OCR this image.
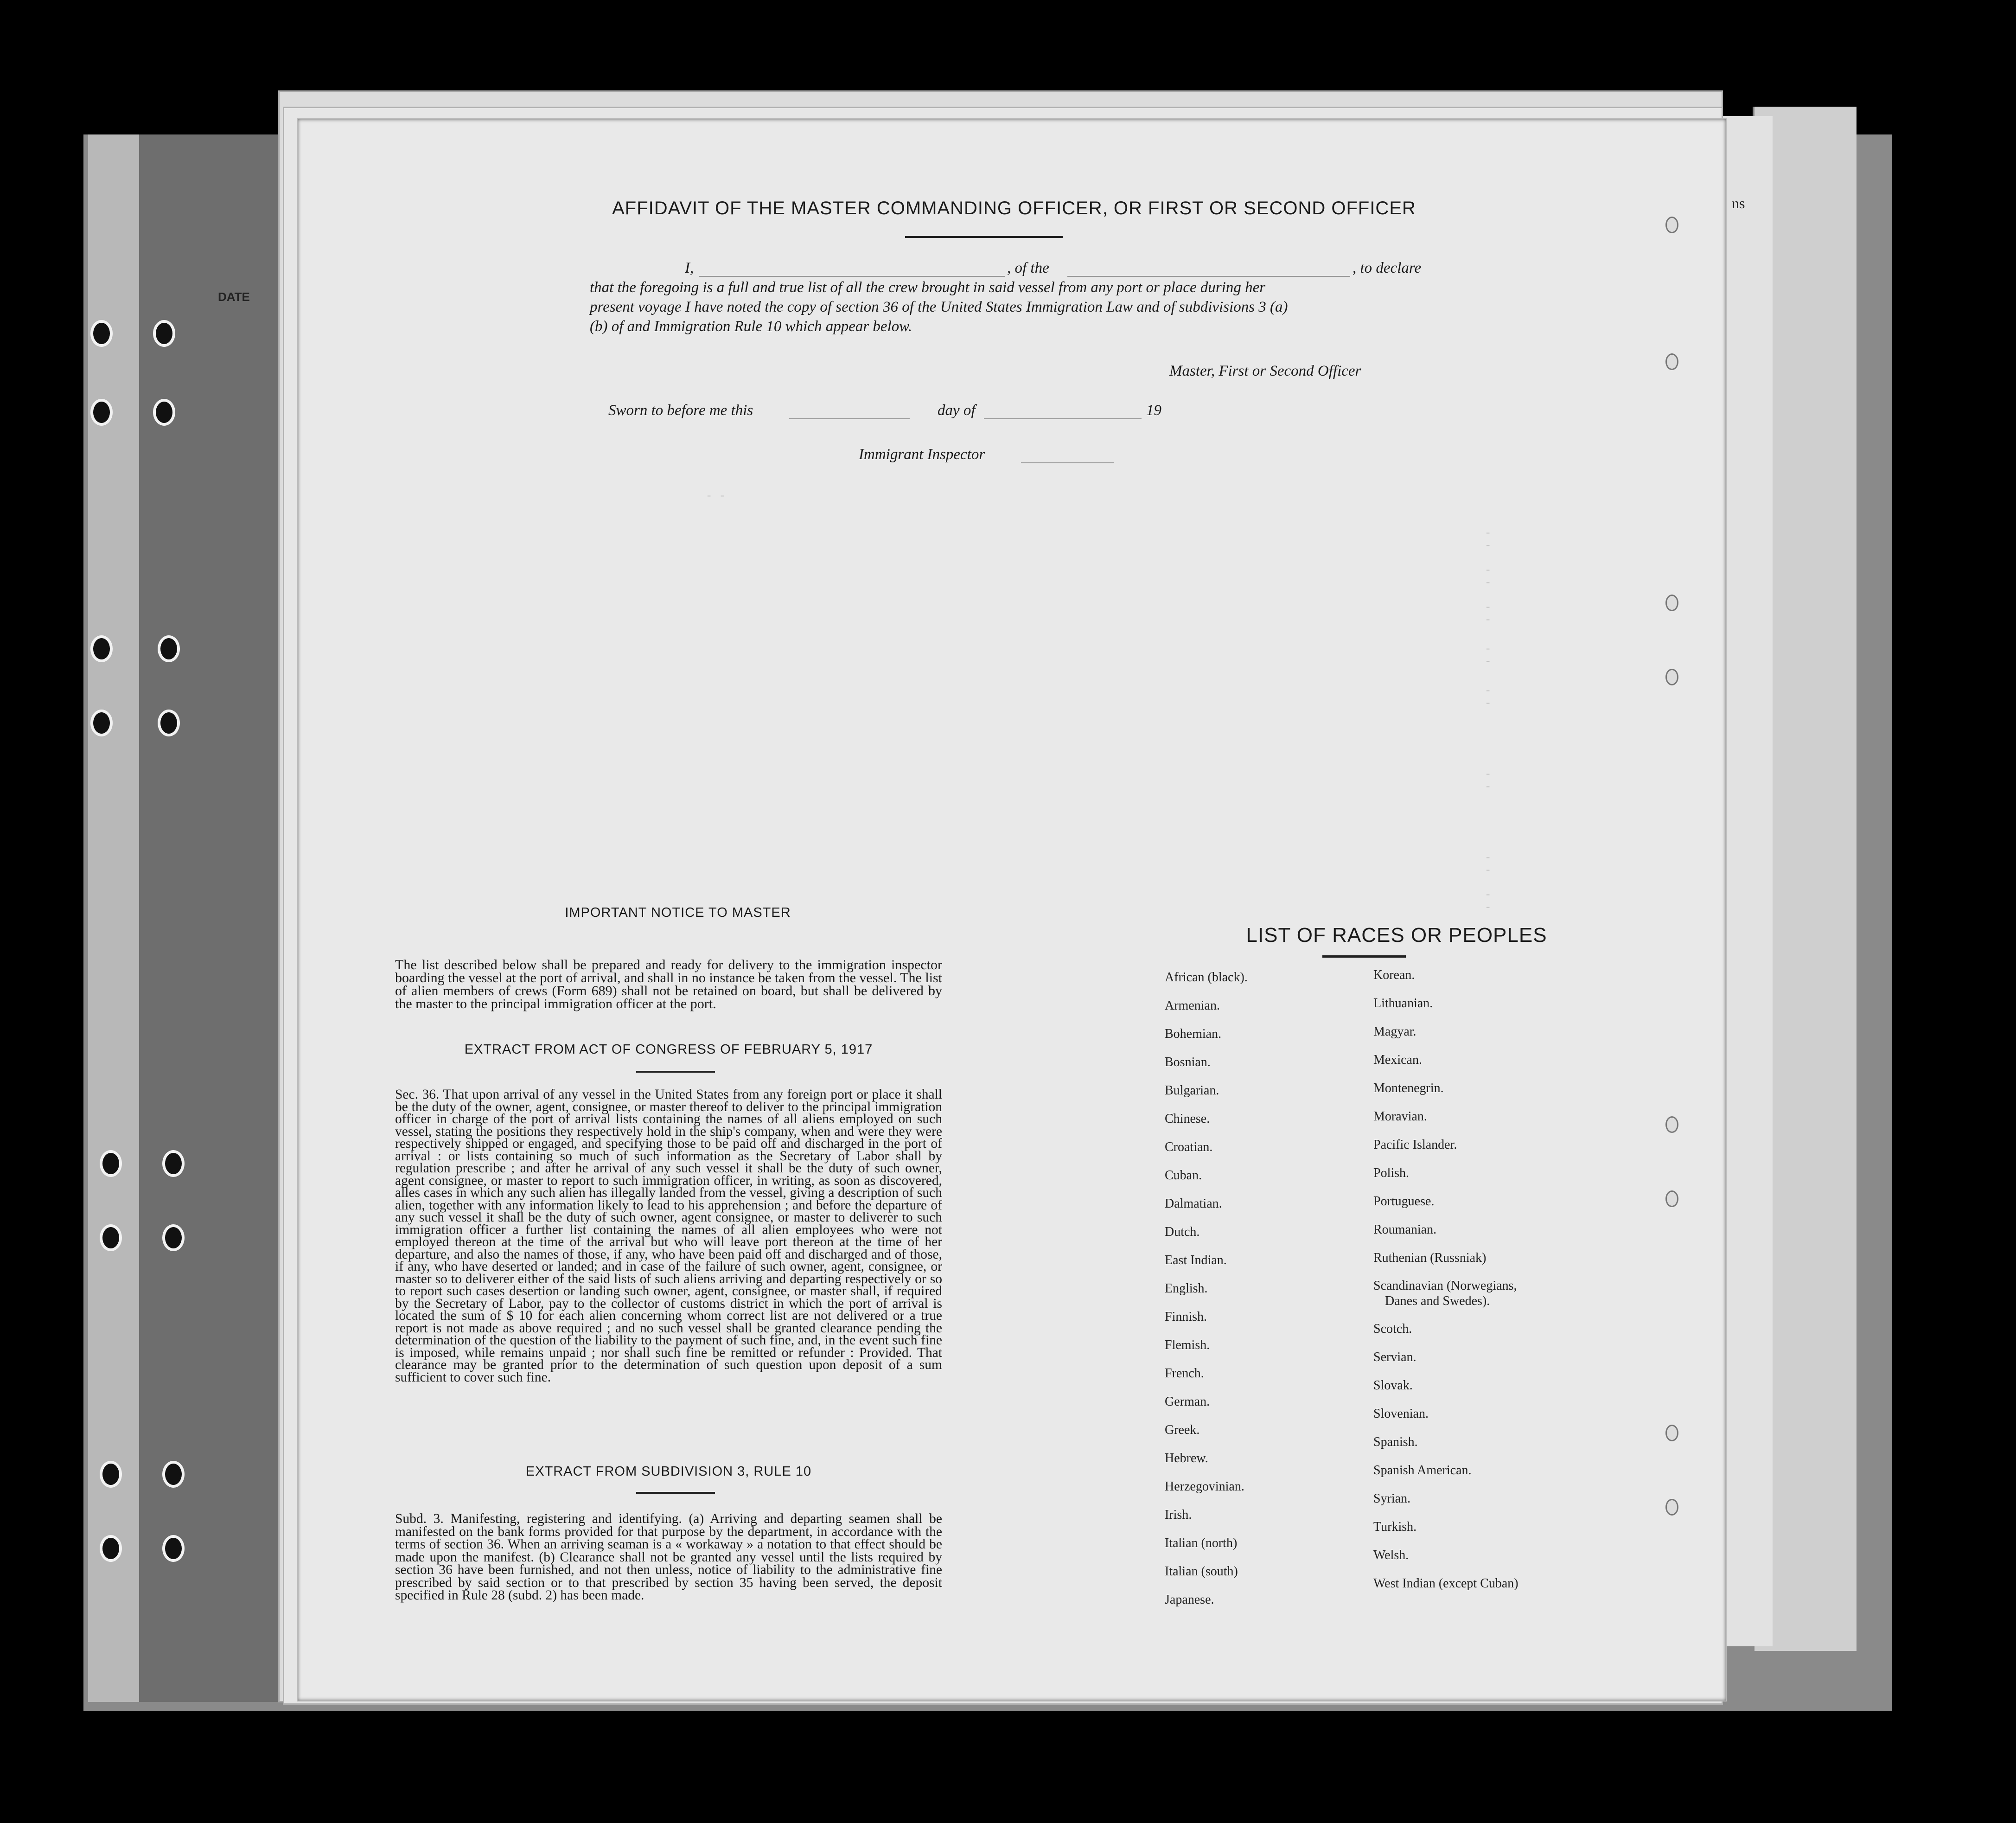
DATE
ns
- -
- -
- -
- -
- -
- -
- -
- -
- -
AFFIDAVIT OF THE MASTER COMMANDING OFFICER, OR FIRST OR SECOND OFFICER
I,	, of the	, to declare
that the foregoing is a full and true list of all the crew brought in said vessel from any port or place during her
present voyage I have noted the copy of section 36 of the United States Immigration Law and of subdivisions 3 (a)
(b) of and Immigration Rule 10 which appear below.
Master, First or Second Officer
Sworn to before me this	day of	19
Immigrant Inspector
IMPORTANT NOTICE TO MASTER
The list described below shall be prepared and ready for delivery to the immigration inspector boarding the vessel at the port of arrival, and shall in no instance be taken from the vessel. The list of alien members of crews (Form 689) shall not be retained on board, but shall be delivered by the master to the principal immigration officer at the port.
EXTRACT FROM ACT OF CONGRESS OF FEBRUARY 5, 1917
Sec. 36. That upon arrival of any vessel in the United States from any foreign port or place it shall be the duty of the owner, agent, consignee, or master thereof to deliver to the principal immigration officer in charge of the port of arrival lists containing the names of all aliens employed on such vessel, stating the positions they respectively hold in the ship's company, when and were they were respectively shipped or engaged, and specifying those to be paid off and discharged in the port of arrival : or lists containing so much of such information as the Secretary of Labor shall by regulation prescribe ; and after he arrival of any such vessel it shall be the duty of such owner, agent consignee, or master to report to such immigration officer, in writing, as soon as discovered, alles cases in which any such alien has illegally landed from the vessel, giving a description of such alien, together with any information likely to lead to his apprehension ; and before the departure of any such vessel it shall be the duty of such owner, agent consignee, or master to deliverer to such immigration officer a further list containing the names of all alien employees who were not employed thereon at the time of the arrival but who will leave port thereon at the time of her departure, and also the names of those, if any, who have been paid off and discharged and of those, if any, who have deserted or landed; and in case of the failure of such owner, agent, consignee, or master so to deliverer either of the said lists of such aliens arriving and departing respectively or so to report such cases desertion or landing such owner, agent, consignee, or master shall, if required by the Secretary of Labor, pay to the collector of customs district in which the port of arrival is located the sum of $ 10 for each alien concerning whom correct list are not delivered or a true report is not made as above required ; and no such vessel shall be granted clearance pending the determination of the question of the liability to the payment of such fine, and, in the event such fine is imposed, while remains unpaid ; nor shall such fine be remitted or refunder : Provided. That clearance may be granted prior to the determination of such question upon deposit of a sum sufficient to cover such fine.
EXTRACT FROM SUBDIVISION 3, RULE 10
Subd. 3. Manifesting, registering and identifying. (a) Arriving and departing seamen shall be manifested on the bank forms provided for that purpose by the department, in accordance with the terms of section 36. When an arriving seaman is a « workaway » a notation to that effect should be made upon the manifest. (b) Clearance shall not be granted any vessel until the lists required by section 36 have been furnished, and not then unless, notice of liability to the administrative fine prescribed by said section or to that prescribed by section 35 having been served, the deposit specified in Rule 28 (subd. 2) has been made.
LIST OF RACES OR PEOPLES
African (black).
Armenian.
Bohemian.
Bosnian.
Bulgarian.
Chinese.
Croatian.
Cuban.
Dalmatian.
Dutch.
East Indian.
English.
Finnish.
Flemish.
French.
German.
Greek.
Hebrew.
Herzegovinian.
Irish.
Italian (north)
Italian (south)
Japanese.
Korean.
Lithuanian.
Magyar.
Mexican.
Montenegrin.
Moravian.
Pacific Islander.
Polish.
Portuguese.
Roumanian.
Ruthenian (Russniak)
Scandinavian (Norwegians,
Danes and Swedes).
Scotch.
Servian.
Slovak.
Slovenian.
Spanish.
Spanish American.
Syrian.
Turkish.
Welsh.
West Indian (except Cuban)
